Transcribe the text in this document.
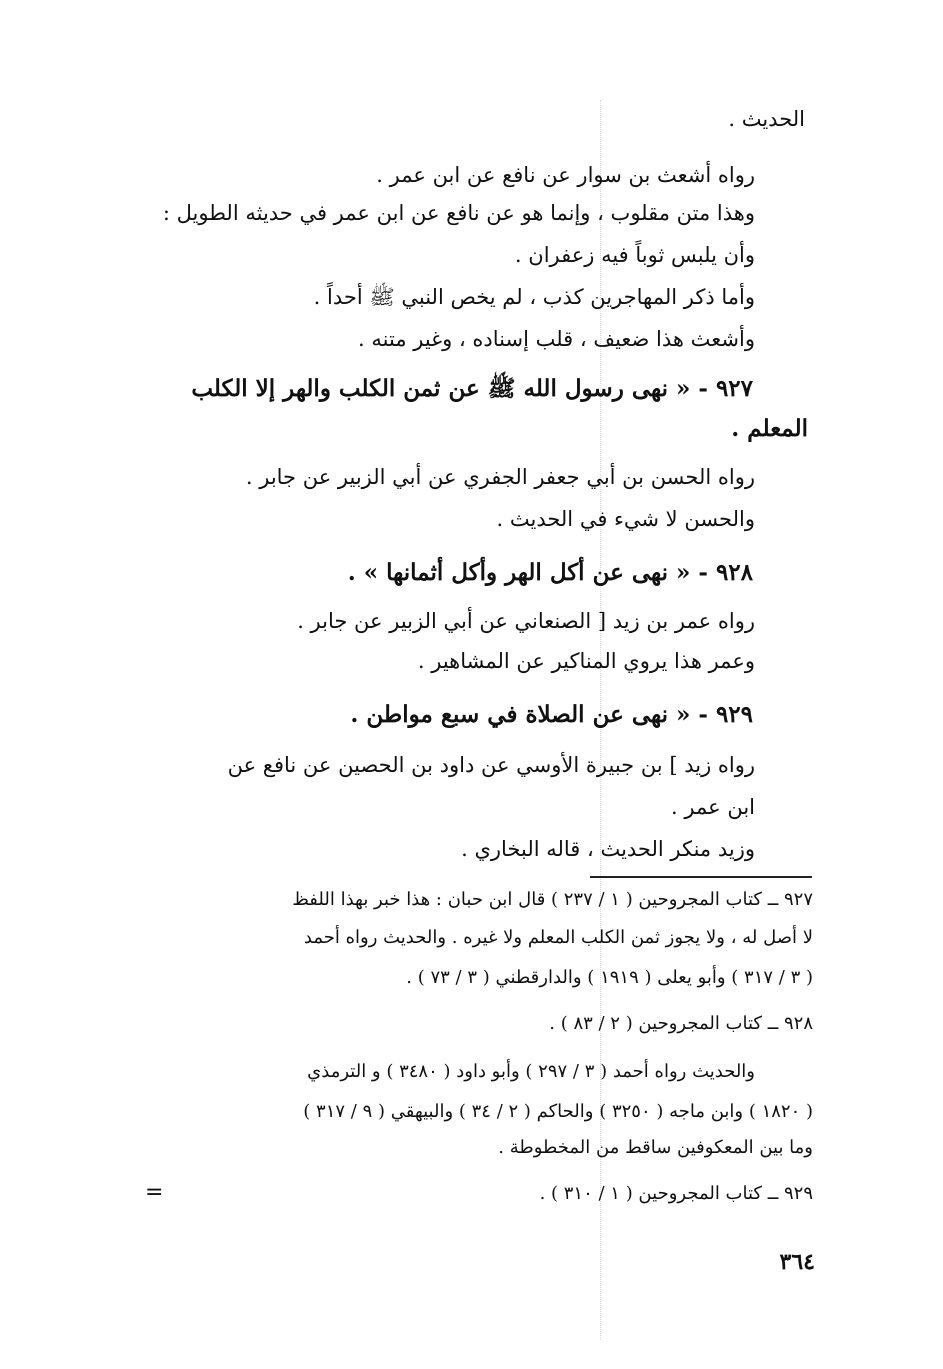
الحديث .
رواه أشعث بن سوار عن نافع عن ابن عمر .
وهذا متن مقلوب ، وإنما هو عن نافع عن ابن عمر في حديثه الطويل :
وأن يلبس ثوباً فيه زعفران .
وأما ذكر المهاجرين كذب ، لم يخص النبي ﷺ أحداً .
وأشعث هذا ضعيف ، قلب إسناده ، وغير متنه .
٩٢٧ - « نهى رسول الله ﷺ عن ثمن الكلب والهر إلا الكلب
المعلم .
رواه الحسن بن أبي جعفر الجفري عن أبي الزبير عن جابر .
والحسن لا شيء في الحديث .
٩٢٨ - « نهى عن أكل الهر وأكل أثمانها » .
رواه عمر بن زيد [ الصنعاني عن أبي الزبير عن جابر .
وعمر هذا يروي المناكير عن المشاهير .
٩٢٩ - « نهى عن الصلاة في سبع مواطن .
رواه زيد ] بن جبيرة الأوسي عن داود بن الحصين عن نافع عن
ابن عمر .
وزيد منكر الحديث ، قاله البخاري .
٩٢٧ ــ كتاب المجروحين ( ١ / ٢٣٧ ) قال ابن حبان : هذا خبر بهذا اللفظ
لا أصل له ، ولا يجوز ثمن الكلب المعلم ولا غيره . والحديث رواه أحمد
( ٣ / ٣١٧ ) وأبو يعلى ( ١٩١٩ ) والدارقطني ( ٣ / ٧٣ ) .
٩٢٨ ــ كتاب المجروحين ( ٢ / ٨٣ ) .
والحديث رواه أحمد ( ٣ / ٢٩٧ ) وأبو داود ( ٣٤٨٠ ) و الترمذي
( ١٨٢٠ ) وابن ماجه ( ٣٢٥٠ ) والحاكم ( ٢ / ٣٤ ) والبيهقي ( ٩ / ٣١٧ )
وما بين المعكوفين ساقط من المخطوطة .
٩٢٩ ــ كتاب المجروحين ( ١ / ٣١٠ ) .
=
٣٦٤
